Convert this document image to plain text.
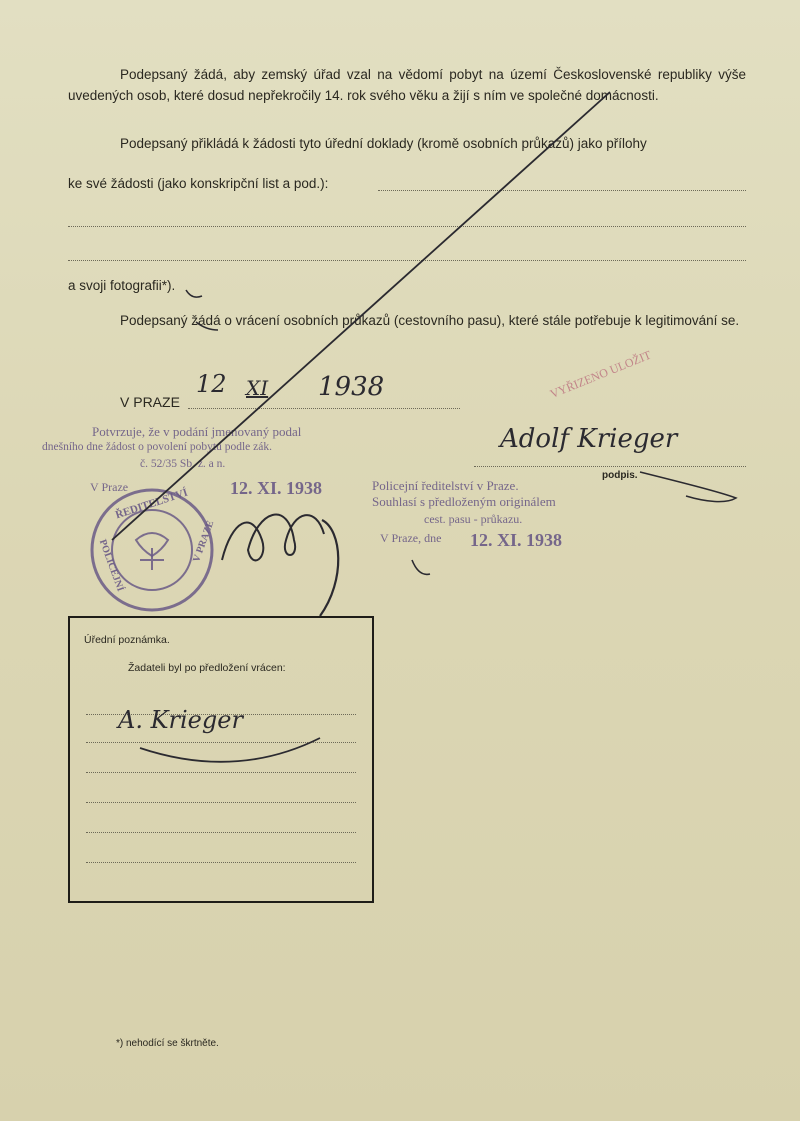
Podepsaný žádá, aby zemský úřad vzal na vědomí pobyt na území Československé republiky výše uvedených osob, které dosud nepřekročily 14. rok svého věku a žijí s ním ve společné domácnosti.
Podepsaný přikládá k žádosti tyto úřední doklady (kromě osobních průkazů) jako přílohy
ke své žádosti (jako konskripční list a pod.):
a svoji fotografii*).
Podepsaný žádá o vrácení osobních průkazů (cestovního pasu), které stále potřebuje k legitimování se.
V PRAZE
12 XI 1938
Adolf Krieger
podpis.
Potvrzuje, že v podání jmenovaný podal
dnešního dne žádost o povolení pobytu podle zák.
č. 52/35 Sb. z. a n.
V Praze	12. XI. 1938	Policejní ředitelství v Praze.
Souhlasí s předloženým originálem
cest. pasu - průkazu.
V Praze, dne 12. XI. 1938
VYŘIZENO ULOŽIT
ŘEDITELSTVÍ
POLICEJNÍ	V PRAZE
Úřední poznámka.
Žadateli byl po předložení vrácen:
A. Krieger
*) nehodící se škrtněte.
